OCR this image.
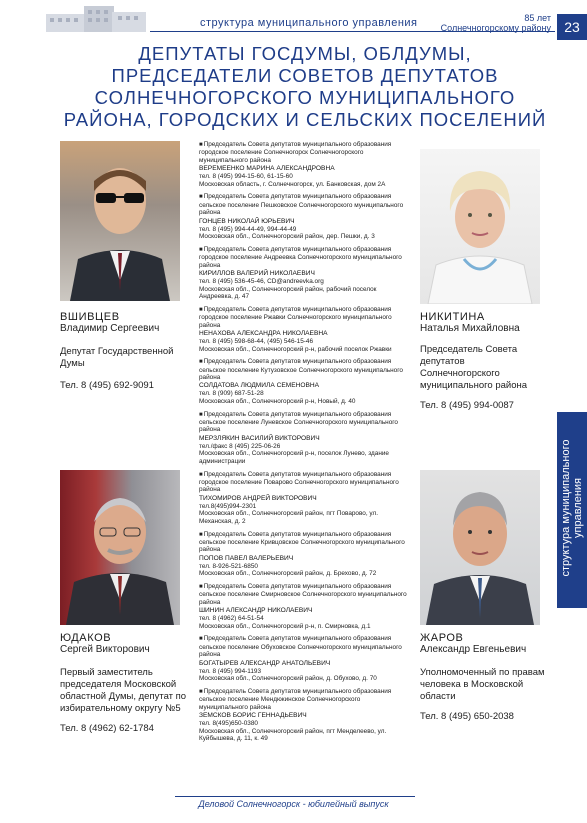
структура муниципального управления	85 лет
Солнечногорскому району 23
структура муниципального управления
ДЕПУТАТЫ ГОСДУМЫ, ОБЛДУМЫ, ПРЕДСЕДАТЕЛИ СОВЕТОВ ДЕПУТАТОВ СОЛНЕЧНОГОРСКОГО МУНИЦИПАЛЬНОГО РАЙОНА, ГОРОДСКИХ И СЕЛЬСКИХ ПОСЕЛЕНИЙ
ВШИВЦЕВ
Владимир Сергеевич
Депутат Государственной Думы
Тел. 8 (495) 692-9091
НИКИТИНА
Наталья Михайловна
Председатель Совета депутатов Солнечногорского муниципального района
Тел. 8 (495) 994-0087
ЮДАКОВ
Сергей Викторович
Первый заместитель председателя Московской областной Думы, депутат по избирательному округу №5
Тел. 8 (4962) 62-1784
ЖАРОВ
Александр Евгеньевич
Уполномоченный по правам человека в Московской области
Тел. 8 (495) 650-2038
■ Председатель Совета депутатов муниципального образования городское поселение Солнечногорск Солнечногорского муниципального района
ВЕРЕМЕЕНКО МАРИНА АЛЕКСАНДРОВНА
тел. 8 (495) 994-15-60, 61-15-60
Московская область, г. Солнечногорск, ул. Банковская, дом 2А
■ Председатель Совета депутатов муниципального образования сельское поселение Пешковское Солнечногорского муниципального района
ГОНЦЕВ НИКОЛАЙ ЮРЬЕВИЧ
тел. 8 (495) 994-44-49, 994-44-49
Московская обл., Солнечногорский район, дер. Пешки, д. 3
■ Председатель Совета депутатов муниципального образования городское поселение Андреевка Солнечногорского муниципального района
КИРИЛЛОВ ВАЛЕРИЙ НИКОЛАЕВИЧ
тел. 8 (495) 536-45-46, CD@andreevka.org
Московская обл., Солнечногорский район, рабочий поселок Андреевка, д. 47
■ Председатель Совета депутатов муниципального образования городское поселение Ржавки Солнечногорского муниципального района
НЕНАХОВА АЛЕКСАНДРА НИКОЛАЕВНА
тел. 8 (495) 598-68-44, (495) 546-15-46
Московская обл., Солнечногорский р-н, рабочий поселок Ржавки
■ Председатель Совета депутатов муниципального образования сельское поселение Кутузовское Солнечногорского муниципального района
СОЛДАТОВА ЛЮДМИЛА СЕМЕНОВНА
тел. 8 (909) 687-51-28
Московская обл., Солнечногорский р-н, Новый, д. 40
■ Председатель Совета депутатов муниципального образования сельское поселение Луневское Солнечногорского муниципального района
МЕРЗЛЯКИН ВАСИЛИЙ ВИКТОРОВИЧ
тел./факс 8 (495) 225-06-26
Московская обл., Солнечногорский р-н, поселок Лунево, здание администрации
■ Председатель Совета депутатов муниципального образования городское поселение Поварово Солнечногорского муниципального района
ТИХОМИРОВ АНДРЕЙ ВИКТОРОВИЧ
тел.8(495)994-2301
Московская обл., Солнечногорский район, пгт Поварово, ул. Механская, д. 2
■ Председатель Совета депутатов муниципального образования сельское поселение Кривцовское Солнечногорского муниципального района
ПОПОВ ПАВЕЛ ВАЛЕРЬЕВИЧ
тел. 8-926-521-6850
Московская обл., Солнечногорский район, д. Брехово, д. 72
■ Председатель Совета депутатов муниципального образования сельское поселение Смирновское Солнечногорского муниципального района
ШИНИН АЛЕКСАНДР НИКОЛАЕВИЧ
тел. 8 (4962) 64-51-54
Московская обл., Солнечногорский р-н, п. Смирновка, д.1
■ Председатель Совета депутатов муниципального образования сельское поселение Обуховское Солнечногорского муниципального района
БОГАТЫРЕВ АЛЕКСАНДР АНАТОЛЬЕВИЧ
тел. 8 (495) 994-1193
Московская обл., Солнечногорский район, д. Обухово, д. 70
■ Председатель Совета депутатов муниципального образования сельское поселение Мендюкинское Солнечногорского муниципального района
ЗЕМСКОВ БОРИС ГЕННАДЬЕВИЧ
тел. 8(495)650-0380
Московская обл., Солнечногорский район, пгт Менделеево, ул. Куйбышева, д. 11, к. 49
Деловой Солнечногорск - юбилейный выпуск
